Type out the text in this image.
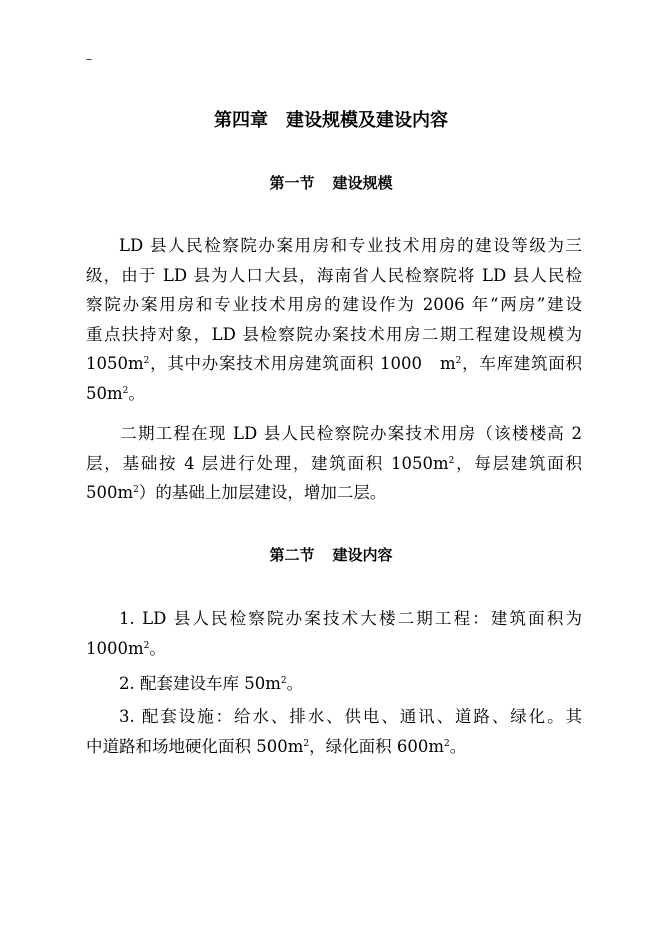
–
第四章 建设规模及建设内容
第一节 建设规模
LD 县人民检察院办案用房和专业技术用房的建设等级为三
级，由于 LD 县为人口大县，海南省人民检察院将 LD 县人民检
察院办案用房和专业技术用房的建设作为 2006 年“两房”建设
重点扶持对象，LD 县检察院办案技术用房二期工程建设规模为
$1050m^2$，其中办案技术用房建筑面积 1000　$m^2$，车库建筑面积
$50m^2$。
二期工程在现 LD 县人民检察院办案技术用房（该楼楼高 2
层，基础按 4 层进行处理，建筑面积 $1050m^2$，每层建筑面积
$500m^2$）的基础上加层建设，增加二层。
第二节 建设内容
1. LD 县人民检察院办案技术大楼二期工程：建筑面积为
$1000m^2$。
2. 配套建设车库 $50m^2$。
3. 配套设施：给水、排水、供电、通讯、道路、绿化。其
中道路和场地硬化面积 $500m^2$，绿化面积 $600m^2$。
